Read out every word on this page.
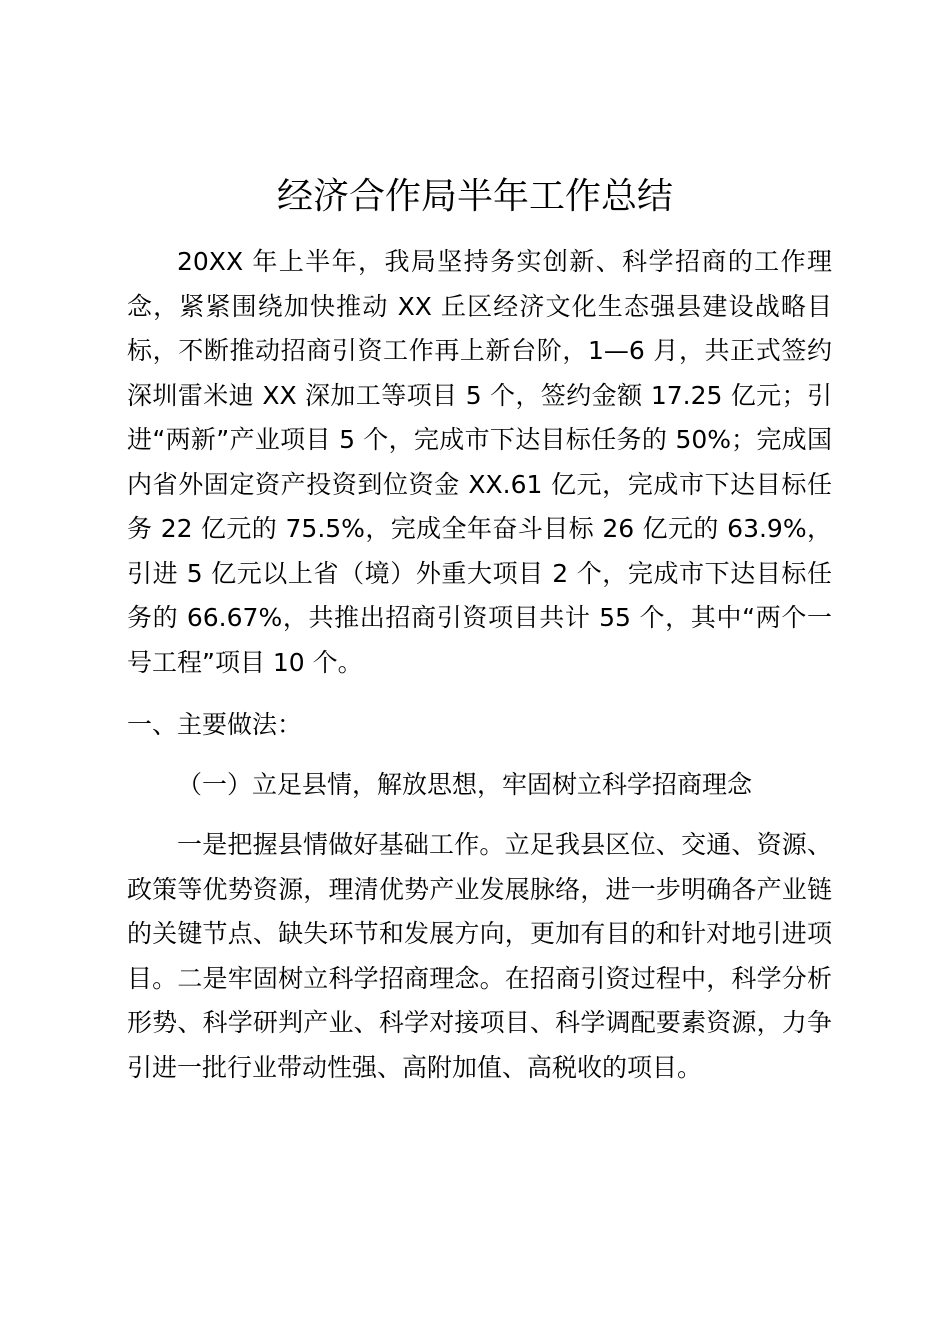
经济合作局半年工作总结

20XX 年上半年，我局坚持务实创新、科学招商的工作理念，紧紧围绕加快推动 XX 丘区经济文化生态强县建设战略目标，不断推动招商引资工作再上新台阶，1—6 月，共正式签约深圳雷米迪 XX 深加工等项目 5 个，签约金额 17.25 亿元；引进“两新”产业项目 5 个，完成市下达目标任务的 50%；完成国内省外固定资产投资到位资金 XX.61 亿元，完成市下达目标任务 22 亿元的 75.5%，完成全年奋斗目标 26 亿元的 63.9%，引进 5 亿元以上省（境）外重大项目 2 个，完成市下达目标任务的 66.67%，共推出招商引资项目共计 55 个，其中“两个一号工程”项目 10 个。

一、主要做法：

（一）立足县情，解放思想，牢固树立科学招商理念

一是把握县情做好基础工作。立足我县区位、交通、资源、政策等优势资源，理清优势产业发展脉络，进一步明确各产业链的关键节点、缺失环节和发展方向，更加有目的和针对地引进项目。二是牢固树立科学招商理念。在招商引资过程中，科学分析形势、科学研判产业、科学对接项目、科学调配要素资源，力争引进一批行业带动性强、高附加值、高税收的项目。
